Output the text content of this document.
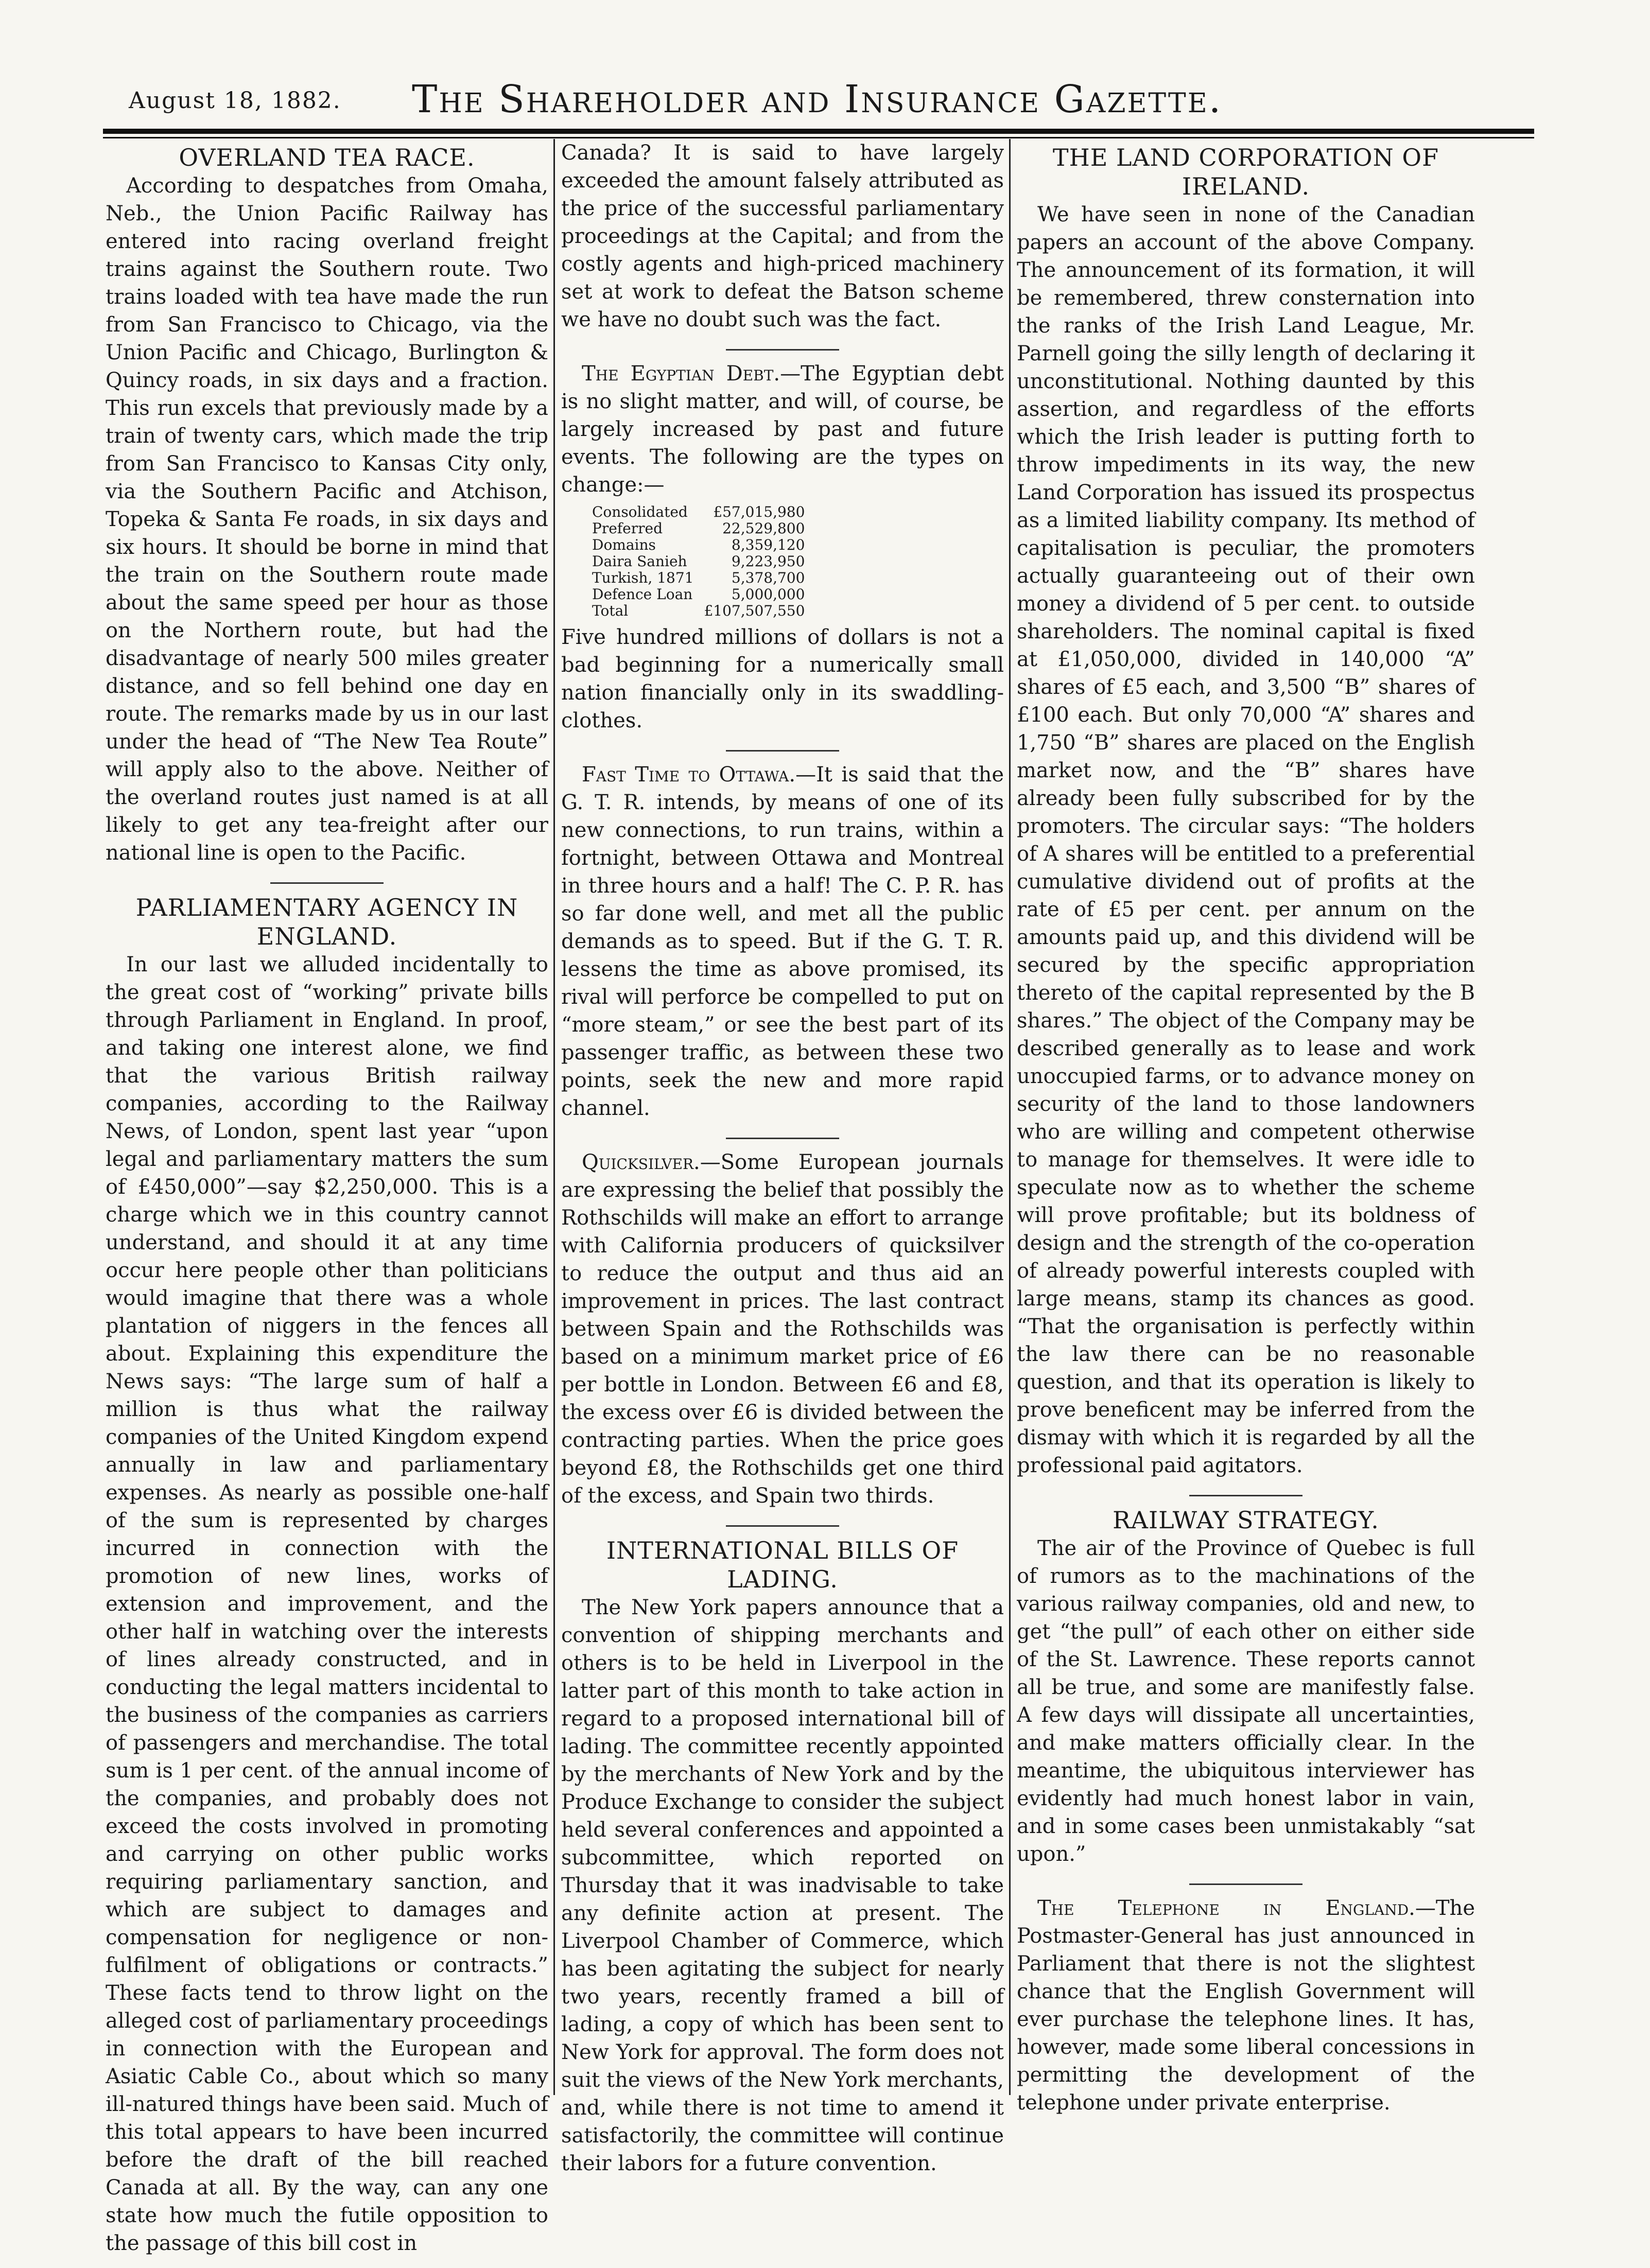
August 18, 1882. The Shareholder and Insurance Gazette.
OVERLAND TEA RACE.

According to despatches from Omaha, Neb., the Union Pacific Railway has entered into racing overland freight trains against the Southern route. Two trains loaded with tea have made the run from San Francisco to Chicago, via the Union Pacific and Chicago, Burlington & Quincy roads, in six days and a fraction. This run excels that previously made by a train of twenty cars, which made the trip from San Francisco to Kansas City only, via the Southern Pacific and Atchison, Topeka & Santa Fe roads, in six days and six hours. It should be borne in mind that the train on the Southern route made about the same speed per hour as those on the Northern route, but had the disadvantage of nearly 500 miles greater distance, and so fell behind one day en route. The remarks made by us in our last under the head of “The New Tea Route” will apply also to the above. Neither of the overland routes just named is at all likely to get any tea-freight after our national line is open to the Pacific.

PARLIAMENTARY AGENCY IN ENGLAND.

In our last we alluded incidentally to the great cost of “working” private bills through Parliament in England. In proof, and taking one interest alone, we find that the various British railway companies, according to the Railway News, of London, spent last year “upon legal and parliamentary matters the sum of £450,000”—say $2,250,000. This is a charge which we in this country cannot understand, and should it at any time occur here people other than politicians would imagine that there was a whole plantation of niggers in the fences all about. Explaining this expenditure the News says: “The large sum of half a million is thus what the railway companies of the United Kingdom expend annually in law and parliamentary expenses. As nearly as possible one-half of the sum is represented by charges incurred in connection with the promotion of new lines, works of extension and improvement, and the other half in watching over the interests of lines already constructed, and in conducting the legal matters incidental to the business of the companies as carriers of passengers and merchandise. The total sum is 1 per cent. of the annual income of the companies, and probably does not exceed the costs involved in promoting and carrying on other public works requiring parliamentary sanction, and which are subject to damages and compensation for negligence or non-fulfilment of obligations or contracts.” These facts tend to throw light on the alleged cost of parliamentary proceedings in connection with the European and Asiatic Cable Co., about which so many ill-natured things have been said. Much of this total appears to have been incurred before the draft of the bill reached Canada at all. By the way, can any one state how much the futile opposition to the passage of this bill cost in

Canada? It is said to have largely exceeded the amount falsely attributed as the price of the successful parliamentary proceedings at the Capital; and from the costly agents and high-priced machinery set at work to defeat the Batson scheme we have no doubt such was the fact.

The Egyptian Debt.—The Egyptian debt is no slight matter, and will, of course, be largely increased by past and future events. The following are the types on change:—

Consolidated	£57,015,980
Preferred	22,529,800
Domains	8,359,120
Daira Sanieh	9,223,950
Turkish, 1871	5,378,700
Defence Loan	5,000,000
Total	£107,507,550

Five hundred millions of dollars is not a bad beginning for a numerically small nation financially only in its swaddling-clothes.

Fast Time to Ottawa.—It is said that the G. T. R. intends, by means of one of its new connections, to run trains, within a fortnight, between Ottawa and Montreal in three hours and a half! The C. P. R. has so far done well, and met all the public demands as to speed. But if the G. T. R. lessens the time as above promised, its rival will perforce be compelled to put on “more steam,” or see the best part of its passenger traffic, as between these two points, seek the new and more rapid channel.

Quicksilver.—Some European journals are expressing the belief that possibly the Rothschilds will make an effort to arrange with California producers of quicksilver to reduce the output and thus aid an improvement in prices. The last contract between Spain and the Rothschilds was based on a minimum market price of £6 per bottle in London. Between £6 and £8, the excess over £6 is divided between the contracting parties. When the price goes beyond £8, the Rothschilds get one third of the excess, and Spain two thirds.

INTERNATIONAL BILLS OF LADING.

The New York papers announce that a convention of shipping merchants and others is to be held in Liverpool in the latter part of this month to take action in regard to a proposed international bill of lading. The committee recently appointed by the merchants of New York and by the Produce Exchange to consider the subject held several conferences and appointed a subcommittee, which reported on Thursday that it was inadvisable to take any definite action at present. The Liverpool Chamber of Commerce, which has been agitating the subject for nearly two years, recently framed a bill of lading, a copy of which has been sent to New York for approval. The form does not suit the views of the New York merchants, and, while there is not time to amend it satisfactorily, the committee will continue their labors for a future convention.

THE LAND CORPORATION OF IRELAND.

We have seen in none of the Canadian papers an account of the above Company. The announcement of its formation, it will be remembered, threw consternation into the ranks of the Irish Land League, Mr. Parnell going the silly length of declaring it unconstitutional. Nothing daunted by this assertion, and regardless of the efforts which the Irish leader is putting forth to throw impediments in its way, the new Land Corporation has issued its prospectus as a limited liability company. Its method of capitalisation is peculiar, the promoters actually guaranteeing out of their own money a dividend of 5 per cent. to outside shareholders. The nominal capital is fixed at £1,050,000, divided in 140,000 “A” shares of £5 each, and 3,500 “B” shares of £100 each. But only 70,000 “A” shares and 1,750 “B” shares are placed on the English market now, and the “B” shares have already been fully subscribed for by the promoters. The circular says: “The holders of A shares will be entitled to a preferential cumulative dividend out of profits at the rate of £5 per cent. per annum on the amounts paid up, and this dividend will be secured by the specific appropriation thereto of the capital represented by the B shares.” The object of the Company may be described generally as to lease and work unoccupied farms, or to advance money on security of the land to those landowners who are willing and competent otherwise to manage for themselves. It were idle to speculate now as to whether the scheme will prove profitable; but its boldness of design and the strength of the co-operation of already powerful interests coupled with large means, stamp its chances as good. “That the organisation is perfectly within the law there can be no reasonable question, and that its operation is likely to prove beneficent may be inferred from the dismay with which it is regarded by all the professional paid agitators.

RAILWAY STRATEGY.

The air of the Province of Quebec is full of rumors as to the machinations of the various railway companies, old and new, to get “the pull” of each other on either side of the St. Lawrence. These reports cannot all be true, and some are manifestly false. A few days will dissipate all uncertainties, and make matters officially clear. In the meantime, the ubiquitous interviewer has evidently had much honest labor in vain, and in some cases been unmistakably “sat upon.”

The Telephone in England.—The Postmaster-General has just announced in Parliament that there is not the slightest chance that the English Government will ever purchase the telephone lines. It has, however, made some liberal concessions in permitting the development of the telephone under private enterprise.
